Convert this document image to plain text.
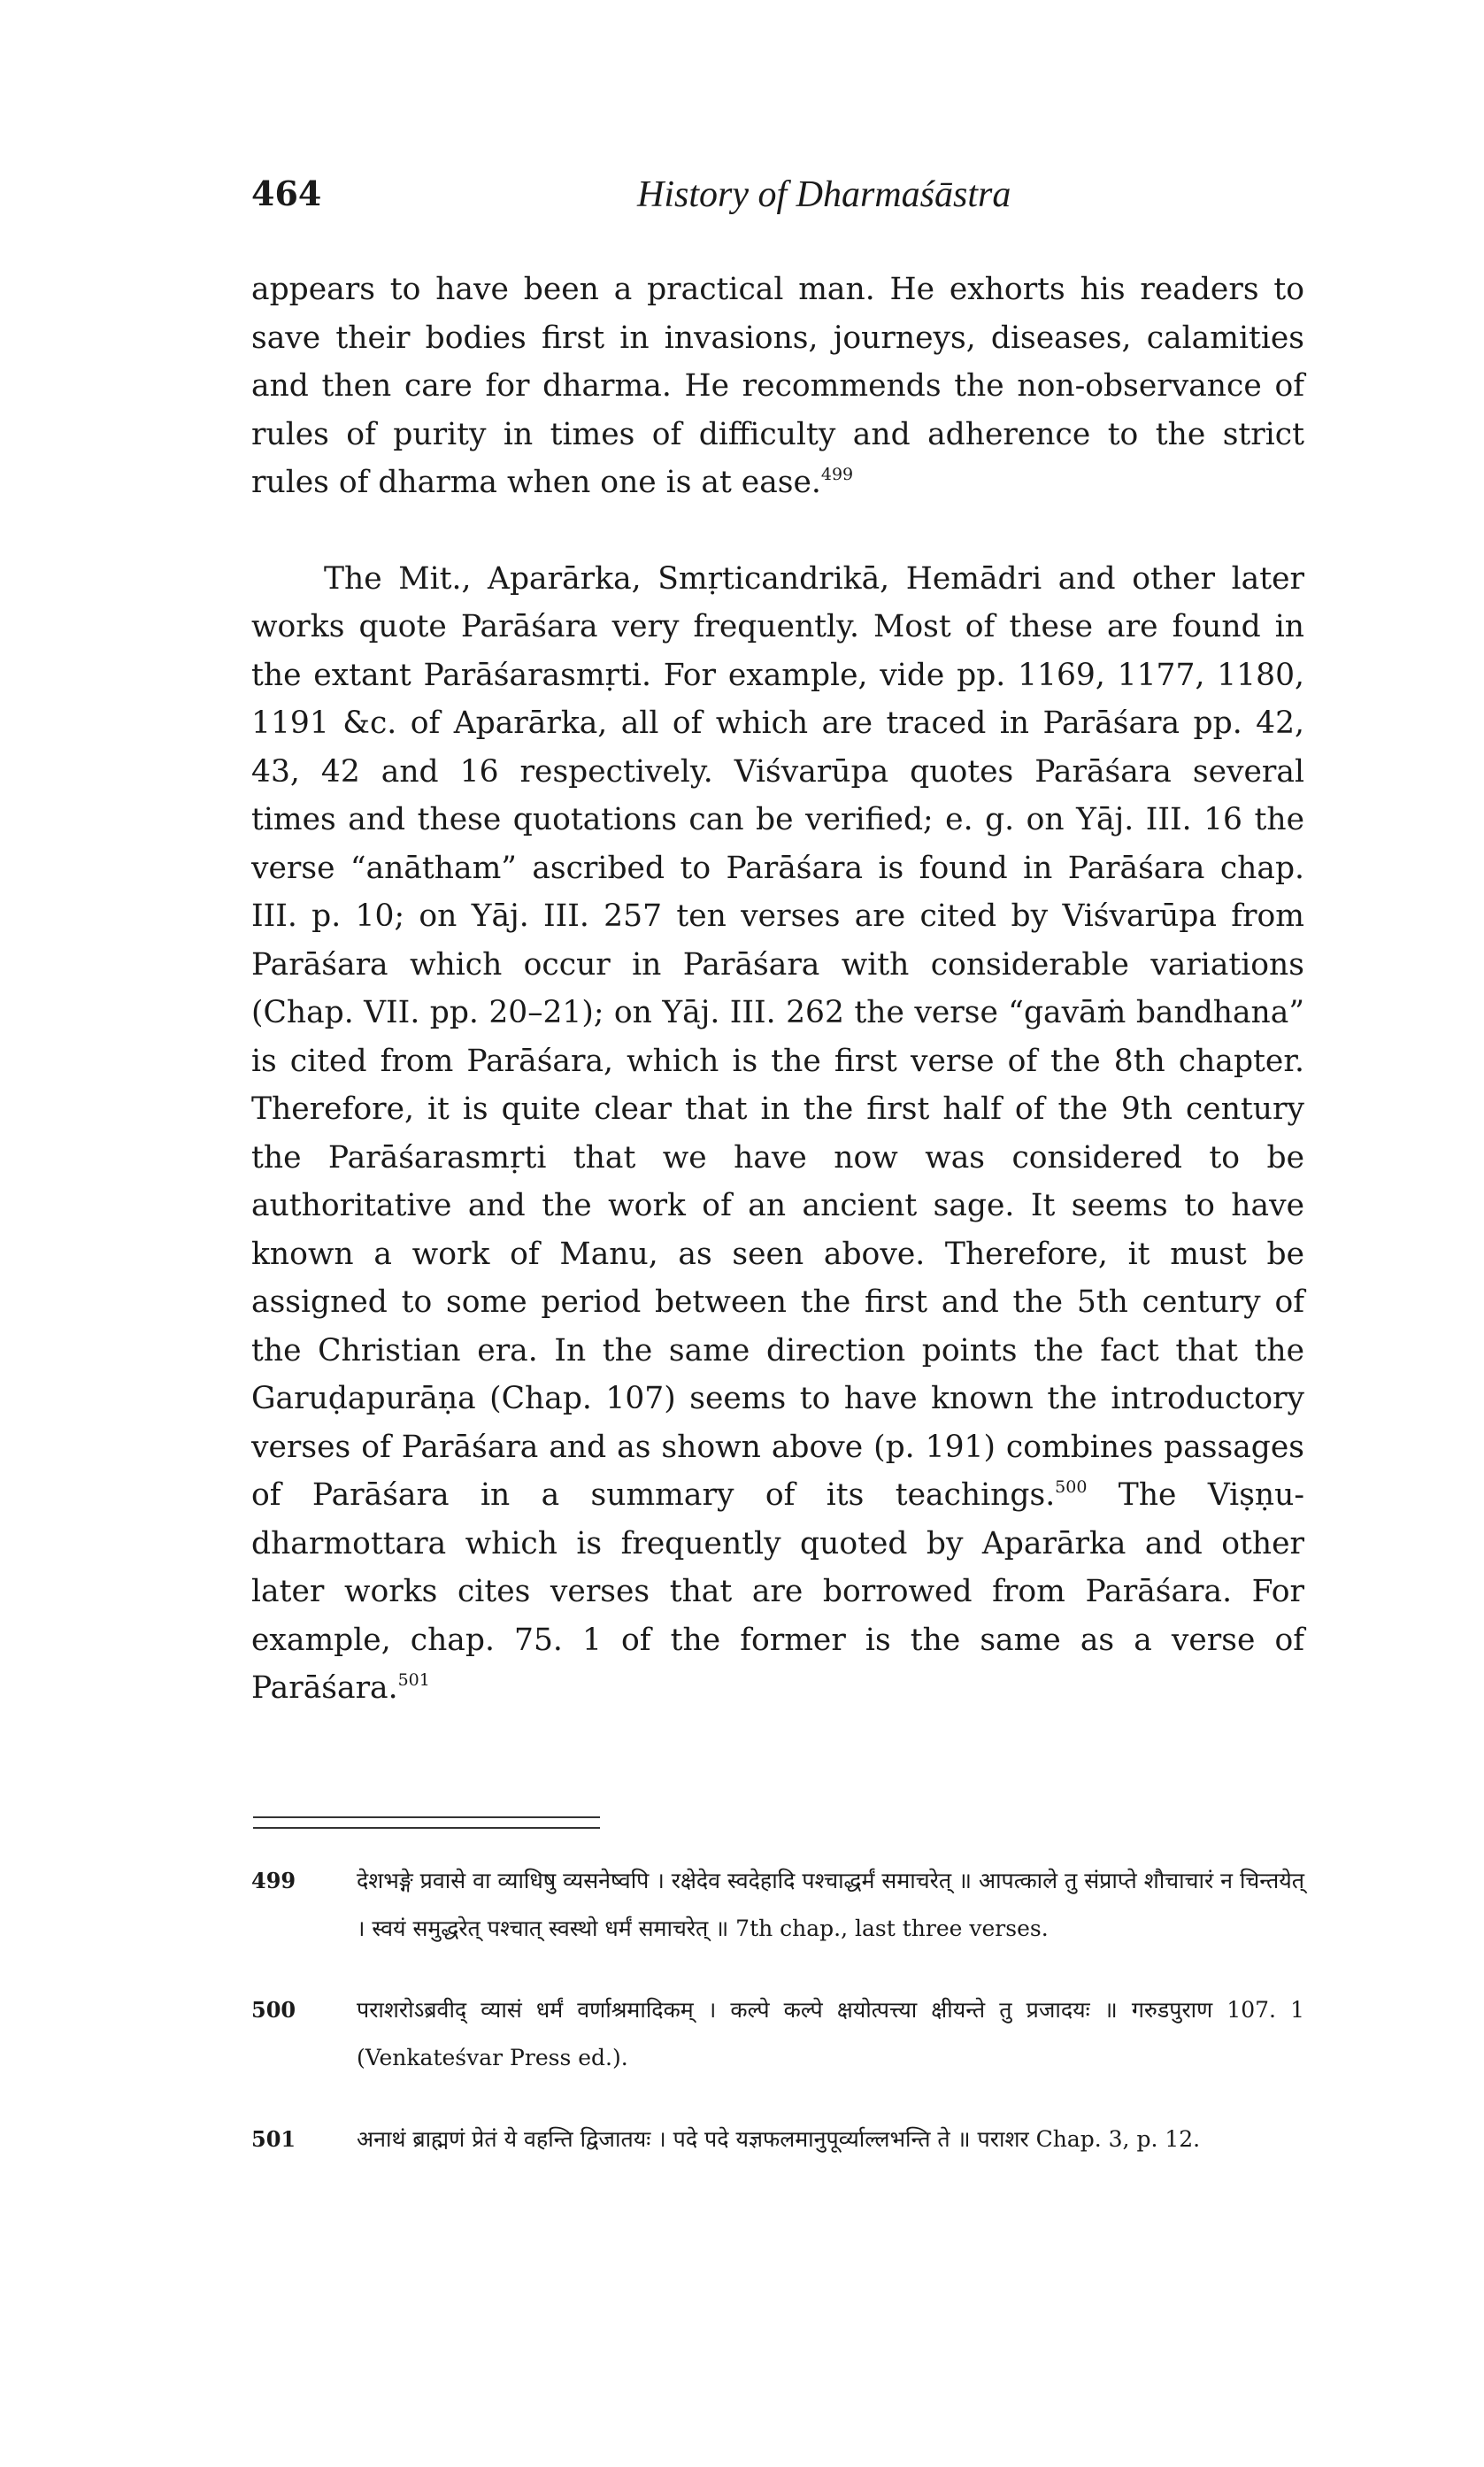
464	History of Dharmaśāstra

appears to have been a practical man. He exhorts his readers to save their bodies first in invasions, journeys, diseases, calamities and then care for dharma. He recommends the non-observance of rules of purity in times of difficulty and adherence to the strict rules of dharma when one is at ease.$^{499}$

The Mit., Aparārka, Smṛticandrikā, Hemādri and other later works quote Parāśara very frequently. Most of these are found in the extant Parāśarasmṛti. For example, vide pp. 1169, 1177, 1180, 1191 &c. of Aparārka, all of which are traced in Parāśara pp. 42, 43, 42 and 16 respectively. Viśvarūpa quotes Parāśara several times and these quotations can be verified; e. g. on Yāj. III. 16 the verse “anātham” ascribed to Parāśara is found in Parāśara chap. III. p. 10; on Yāj. III. 257 ten verses are cited by Viśvarūpa from Parāśara which occur in Parāśara with considerable variations (Chap. VII. pp. 20–21); on Yāj. III. 262 the verse “gavāṁ bandhana” is cited from Parāśara, which is the first verse of the 8th chapter. Therefore, it is quite clear that in the first half of the 9th century the Parāśarasmṛti that we have now was considered to be authoritative and the work of an ancient sage. It seems to have known a work of Manu, as seen above. Therefore, it must be assigned to some period between the first and the 5th century of the Christian era. In the same direction points the fact that the Garuḍapurāṇa (Chap. 107) seems to have known the introductory verses of Parāśara and as shown above (p. 191) combines passages of Parāśara in a summary of its teachings.$^{500}$ The Viṣṇu-dharmottara which is frequently quoted by Aparārka and other later works cites verses that are borrowed from Parāśara. For example, chap. 75. 1 of the former is the same as a verse of Parāśara.$^{501}$

499	देशभङ्गे प्रवासे वा व्याधिषु व्यसनेष्वपि । रक्षेदेव स्वदेहादि पश्चाद्धर्मं समाचरेत् ॥ आपत्काले तु संप्राप्ते शौचाचारं न चिन्तयेत् । स्वयं समुद्धरेत् पश्चात् स्वस्थो धर्मं समाचरेत् ॥ 7th chap., last three verses.
500	पराशरोऽब्रवीद् व्यासं धर्मं वर्णाश्रमादिकम् । कल्पे कल्पे क्षयोत्पत्त्या क्षीयन्ते तु प्रजादयः ॥ गरुडपुराण 107. 1 (Venkateśvar Press ed.).
501	अनाथं ब्राह्मणं प्रेतं ये वहन्ति द्विजातयः । पदे पदे यज्ञफलमानुपूर्व्याल्लभन्ति ते ॥ पराशर Chap. 3, p. 12.
